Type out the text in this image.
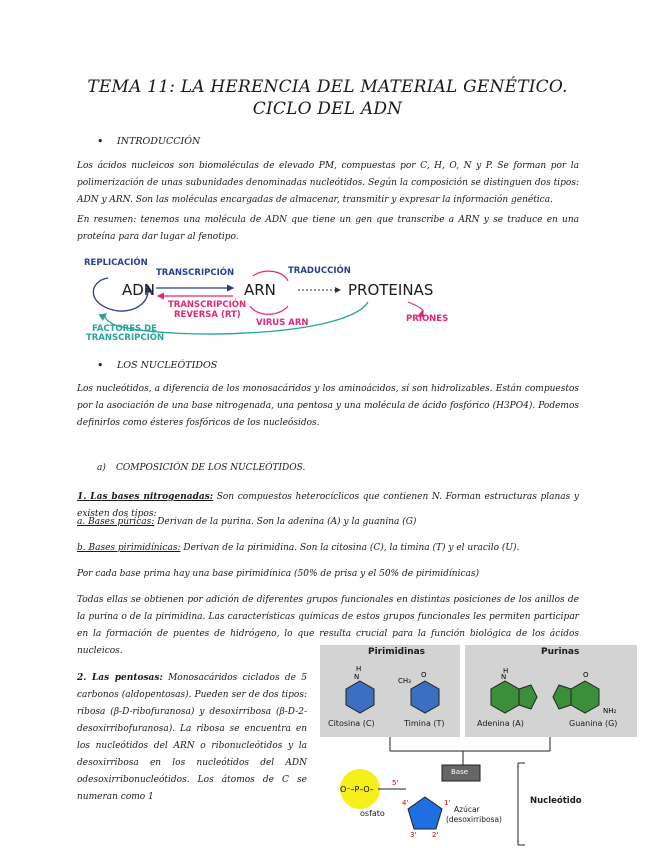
TEMA 11: LA HERENCIA DEL MATERIAL GENÉTICO. CICLO DEL ADN
• INTRODUCCIÓN
Los ácidos nucleicos son biomoléculas de elevado PM, compuestas por C, H, O, N y P. Se forman por la polimerización de unas subunidades denominadas nucleótidos. Según la composición se distinguen dos tipos: ADN y ARN. Son las moléculas encargadas de almacenar, transmitir y expresar la información genética.
En resumen: tenemos una molécula de ADN que tiene un gen que transcribe a ARN y se traduce en una proteína para dar lugar al fenotipo.
REPLICACIÓN
TRANSCRIPCIÓN	TRADUCCIÓN
ADN	ARN	PROTEINAS
TRANSCRIPCIÓN
REVERSA (RT)
VIRUS ARN	PRIONES
FACTORES DE
TRANSCRIPCIÓN
• LOS NUCLEÓTIDOS
Los nucleótidos, a diferencia de los monosacáridos y los aminoácidos, sí son hidrolizables. Están compuestos por la asociación de una base nitrogenada, una pentosa y una molécula de ácido fosfórico (H3PO4). Podemos definirlos como ésteres fosfóricos de los nucleósidos.
a) COMPOSICIÓN DE LOS NUCLEÓTIDOS.
1. Las bases nitrogenadas: Son compuestos heterocíclicos que contienen N. Forman estructuras planas y existen dos tipos:
a. Bases púricas: Derivan de la purina. Son la adenina (A) y la guanina (G)
b. Bases pirimidínicas: Derivan de la pirimidina. Son la citosina (C), la timina (T) y el uracilo (U).
Por cada base prima hay una base pirimidínica (50% de prisa y el 50% de pirimidínicas)
Todas ellas se obtienen por adición de diferentes grupos funcionales en distintas posiciones de los anillos de la purina o de la pirimidina. Las características químicas de estos grupos funcionales les permiten participar en la formación de puentes de hidrógeno, lo que resulta crucial para la función biológica de los ácidos nucleicos.
2. Las pentosas: Monosacáridos ciclados de 5 carbonos (aldopentosas). Pueden ser de dos tipos: ribosa (β-D-ribofuranosa) y desoxirribosa (β-D-2- desoxirribofuranosa). La ribosa se encuentra en los nucleótidos del ARN o ribonucleótidos y la desoxirribosa en los nucleótidos del ADN odesoxirribonucleótidos. Los átomos de C se numeran como 1
Pirimidinas
H
N	O
CH₃
Citosina (C)	Timina (T)
Purinas
H
N	O
NH₂
Adenina (A)	Guanina (G)
O⁻–P–O–
3' 2'
4'	1'
5'
Base
Azúcar
(desoxirribosa)
Nucleótido
osfato
